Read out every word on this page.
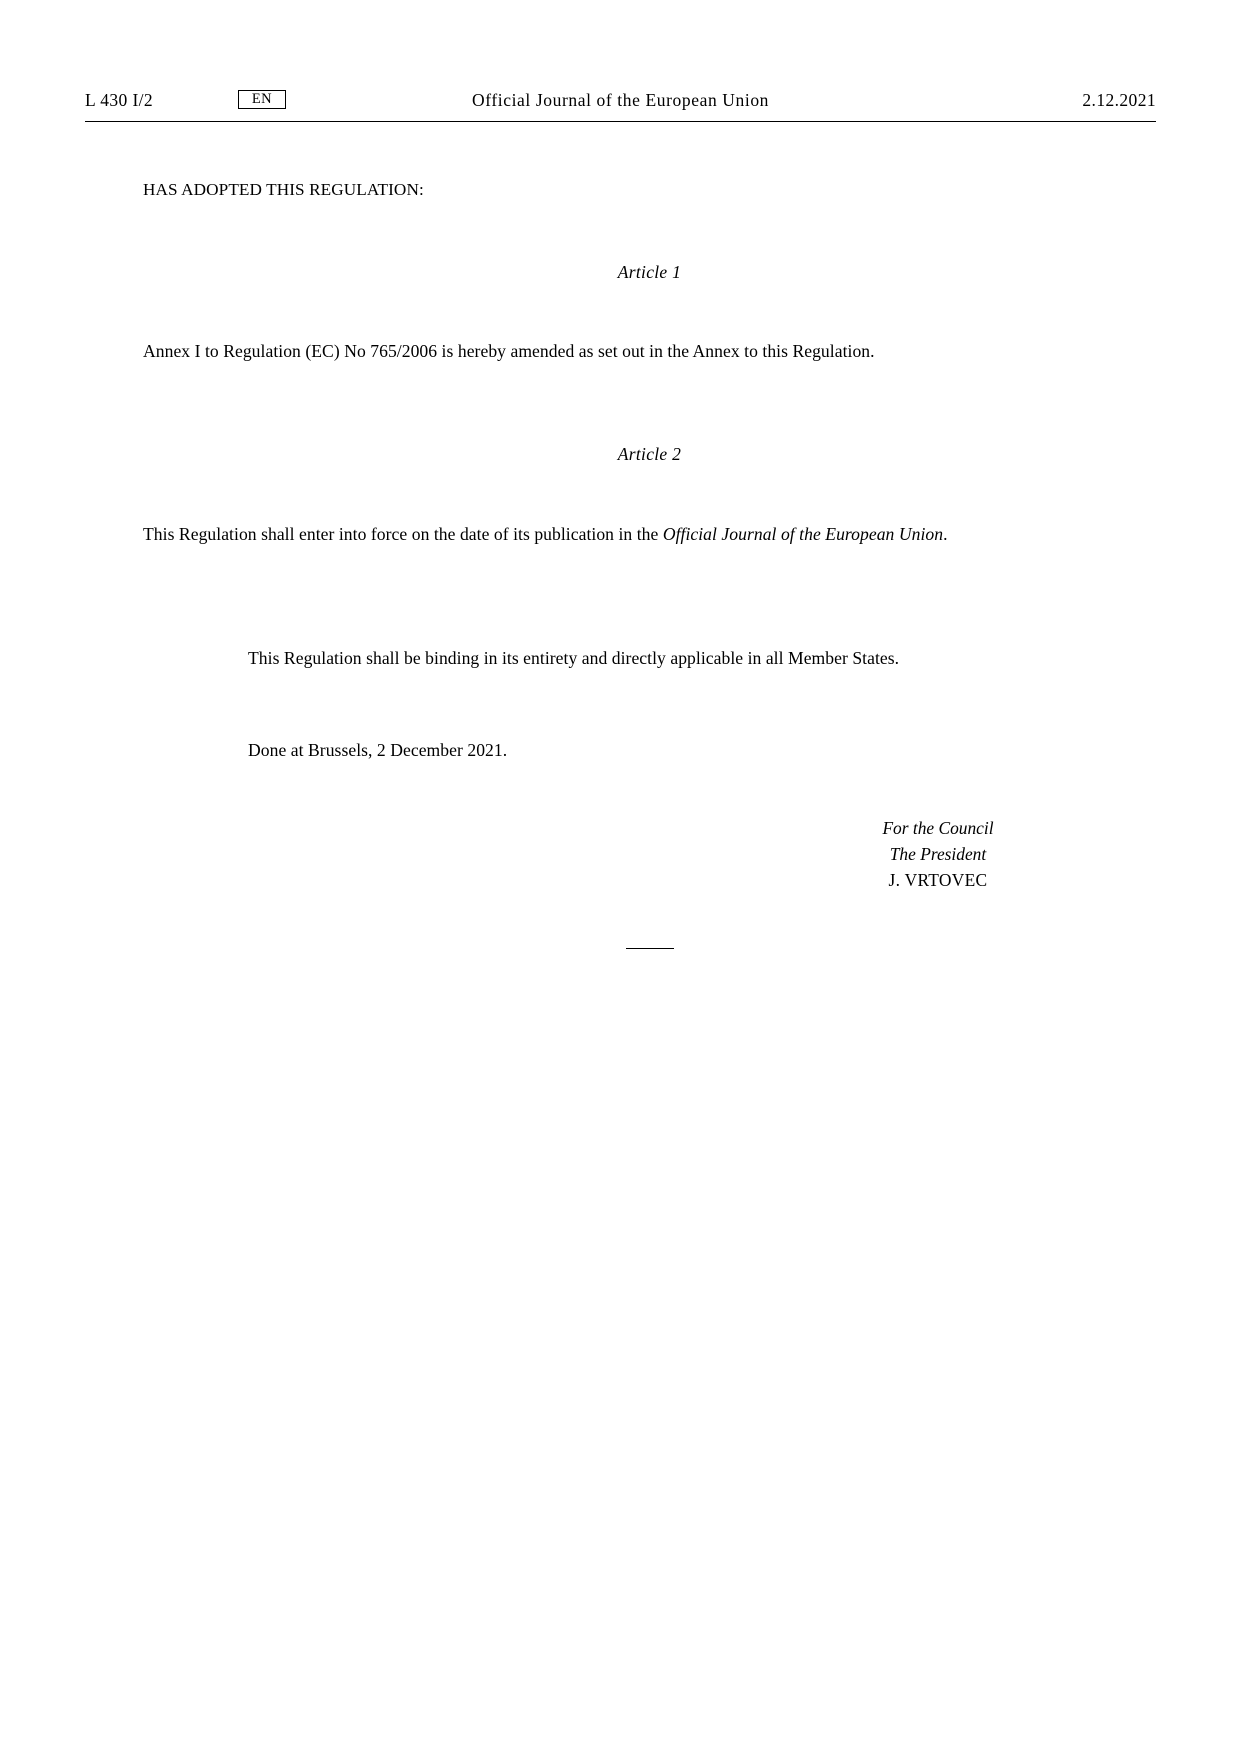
L 430 I/2	EN	Official Journal of the European Union	2.12.2021

HAS ADOPTED THIS REGULATION:

Article 1

Annex I to Regulation (EC) No 765/2006 is hereby amended as set out in the Annex to this Regulation.

Article 2

This Regulation shall enter into force on the date of its publication in the Official Journal of the European Union.

This Regulation shall be binding in its entirety and directly applicable in all Member States.

Done at Brussels, 2 December 2021.

For the Council
The President
J. VRTOVEC
